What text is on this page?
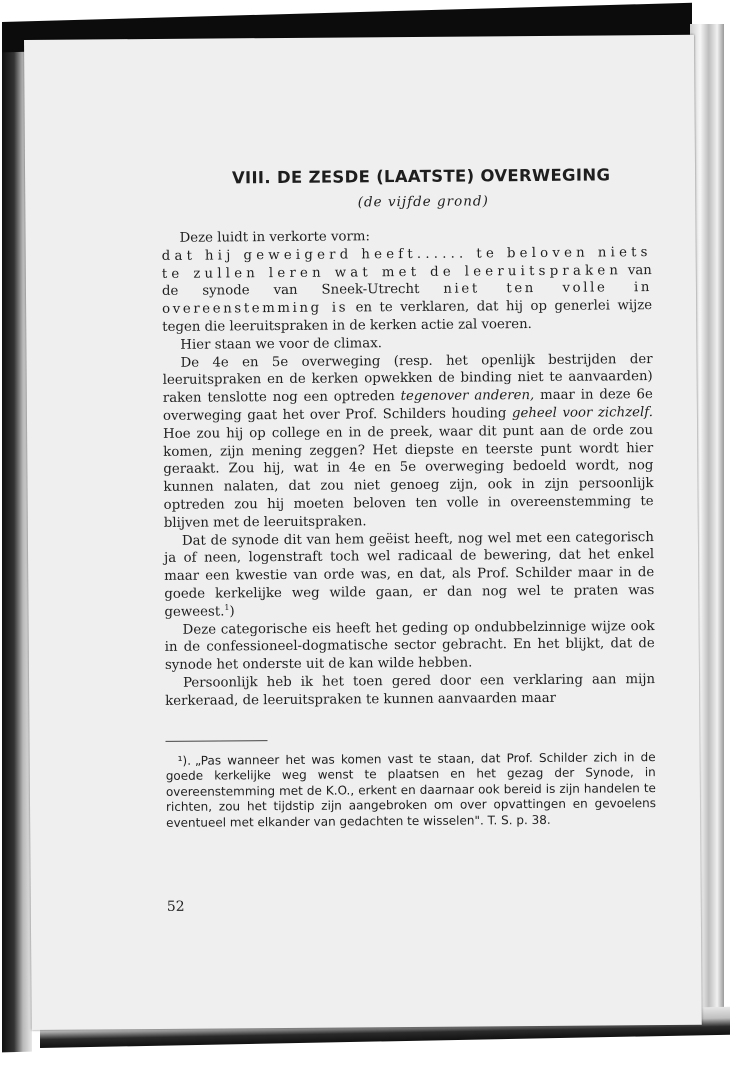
VIII. DE ZESDE (LAATSTE) OVERWEGING
(de vijfde grond)

Deze luidt in verkorte vorm:

dat hij geweigerd heeft...... te beloven niets te zullen leren wat met de leeruitspraken van de synode van Sneek-Utrecht niet ten volle in overeenstemming is en te verklaren, dat hij op generlei wijze tegen die leeruitspraken in de kerken actie zal voeren.

Hier staan we voor de climax.

De 4e en 5e overweging (resp. het openlijk bestrijden der leeruitspraken en de kerken opwekken de binding niet te aanvaarden) raken tenslotte nog een optreden tegenover anderen, maar in deze 6e overweging gaat het over Prof. Schilders houding geheel voor zichzelf. Hoe zou hij op college en in de preek, waar dit punt aan de orde zou komen, zijn mening zeggen? Het diepste en teerste punt wordt hier geraakt. Zou hij, wat in 4e en 5e overweging bedoeld wordt, nog kunnen nalaten, dat zou niet genoeg zijn, ook in zijn persoonlijk optreden zou hij moeten beloven ten volle in overeenstemming te blijven met de leeruitspraken.

Dat de synode dit van hem geëist heeft, nog wel met een categorisch ja of neen, logenstraft toch wel radicaal de bewering, dat het enkel maar een kwestie van orde was, en dat, als Prof. Schilder maar in de goede kerkelijke weg wilde gaan, er dan nog wel te praten was geweest.$^1$)

Deze categorische eis heeft het geding op ondubbelzinnige wijze ook in de confessioneel-dogmatische sector gebracht. En het blijkt, dat de synode het onderste uit de kan wilde hebben.

Persoonlijk heb ik het toen gered door een verklaring aan mijn kerkeraad, de leeruitspraken te kunnen aanvaarden maar

¹). „Pas wanneer het was komen vast te staan, dat Prof. Schilder zich in de goede kerkelijke weg wenst te plaatsen en het gezag der Synode, in overeenstemming met de K.O., erkent en daarnaar ook bereid is zijn handelen te richten, zou het tijdstip zijn aangebroken om over opvattingen en gevoelens eventueel met elkander van gedachten te wisselen". T. S. p. 38.

52
